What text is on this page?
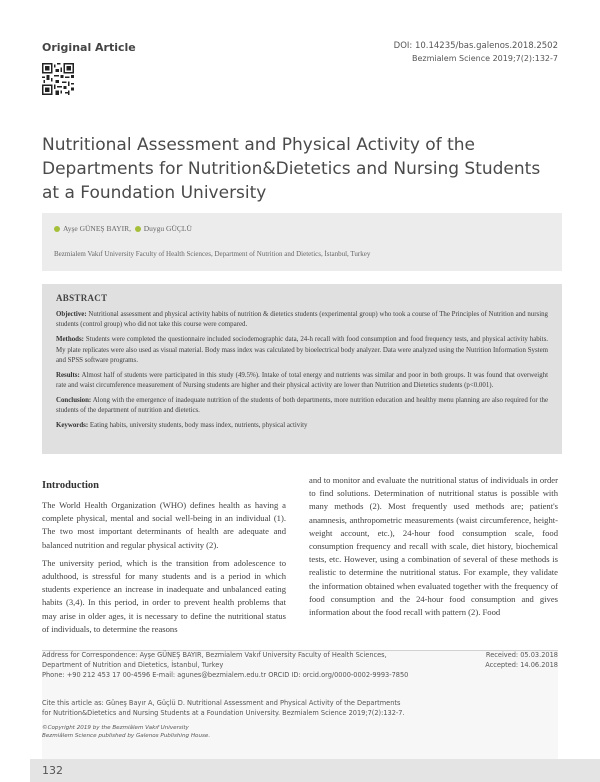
Original Article	DOI: 10.14235/bas.galenos.2018.2502
Bezmialem Science 2019;7(2):132-7
Nutritional Assessment and Physical Activity of the Departments for Nutrition&Dietetics and Nursing Students at a Foundation University
Ayşe GÜNEŞ BAYIR, Duygu GÜÇLÜ
Bezmialem Vakıf University Faculty of Health Sciences, Department of Nutrition and Dietetics, İstanbul, Turkey
ABSTRACT

Objective: Nutritional assessment and physical activity habits of nutrition & dietetics students (experimental group) who took a course of The Principles of Nutrition and nursing students (control group) who did not take this course were compared.

Methods: Students were completed the questionnaire included sociodemographic data, 24-h recall with food consumption and food frequency tests, and physical activity habits. My plate replicates were also used as visual material. Body mass index was calculated by bioelectrical body analyzer. Data were analyzed using the Nutrition Information System and SPSS software programs.

Results: Almost half of students were participated in this study (49.5%). Intake of total energy and nutrients was similar and poor in both groups. It was found that overweight rate and waist circumference measurement of Nursing students are higher and their physical activity are lower than Nutrition and Dietetics students (p<0.001).

Conclusion: Along with the emergence of inadequate nutrition of the students of both departments, more nutrition education and healthy menu planning are also required for the students of the department of nutrition and dietetics.

Keywords: Eating habits, university students, body mass index, nutrients, physical activity

Introduction

The World Health Organization (WHO) defines health as having a complete physical, mental and social well-being in an individual (1). The two most important determinants of health are adequate and balanced nutrition and regular physical activity (2).

The university period, which is the transition from adolescence to adulthood, is stressful for many students and is a period in which students experience an increase in inadequate and unbalanced eating habits (3,4). In this period, in order to prevent health problems that may arise in older ages, it is necessary to define the nutritional status of individuals, to determine the reasons

and to monitor and evaluate the nutritional status of individuals in order to find solutions. Determination of nutritional status is possible with many methods (2). Most frequently used methods are; patient's anamnesis, anthropometric measurements (waist circumference, height-weight account, etc.), 24-hour food consumption scale, food consumption frequency and recall with scale, diet history, biochemical tests, etc. However, using a combination of several of these methods is realistic to determine the nutritional status. For example, they validate the information obtained when evaluated together with the frequency of food consumption and the 24-hour food consumption and gives information about the food recall with pattern (2). Food

Address for Correspondence: Ayşe GÜNEŞ BAYIR, Bezmialem Vakıf University Faculty of Health Sciences,
Department of Nutrition and Dietetics, İstanbul, Turkey
Phone: +90 212 453 17 00-4596 E-mail: agunes@bezmialem.edu.tr ORCID ID: orcid.org/0000-0002-9993-7850
Received: 05.03.2018
Accepted: 14.06.2018
Cite this article as: Güneş Bayır A, Güçlü D. Nutritional Assessment and Physical Activity of the Departments
for Nutrition&Dietetics and Nursing Students at a Foundation University. Bezmialem Science 2019;7(2):132-7.
©Copyright 2019 by the Bezmiâlem Vakıf University
Bezmiâlem Science published by Galenos Publishing House.
132
